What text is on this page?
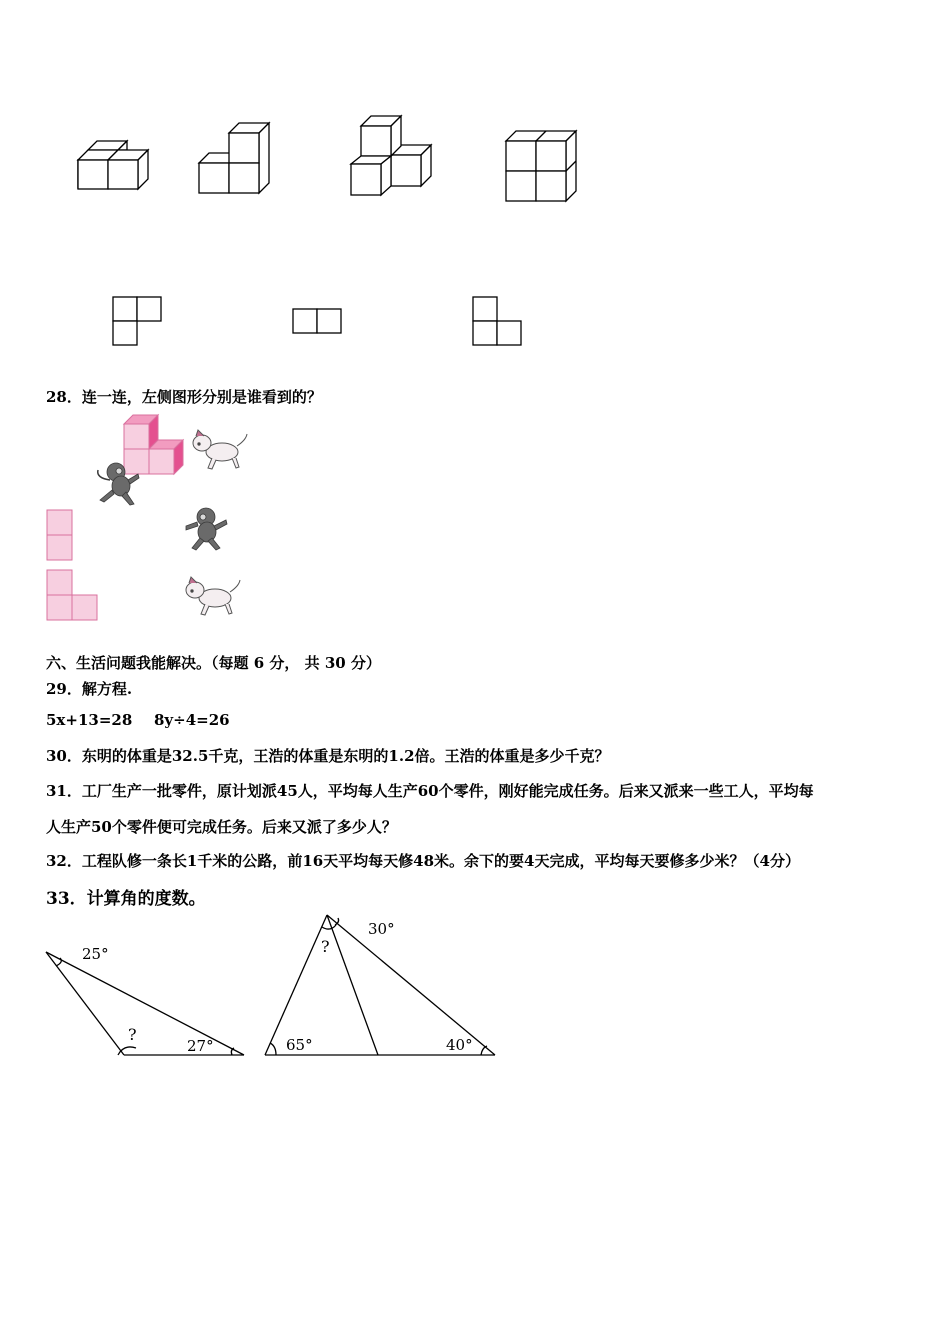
28．连一连，左侧图形分别是谁看到的？
六、生活问题我能解决。（每题 6 分， 共 30 分）
29．解方程.
5x+13=28 8y÷4=26
30．东明的体重是32.5千克，王浩的体重是东明的1.2倍。王浩的体重是多少千克？
31．工厂生产一批零件，原计划派45人，平均每人生产60个零件，刚好能完成任务。后来又派来一些工人，平均每
人生产50个零件便可完成任务。后来又派了多少人？
32．工程队修一条长1千米的公路，前16天平均每天修48米。余下的要4天完成，平均每天要修多少米？（4分）
33．计算角的度数。
25°
?
27°
30°
?
65°	40°
